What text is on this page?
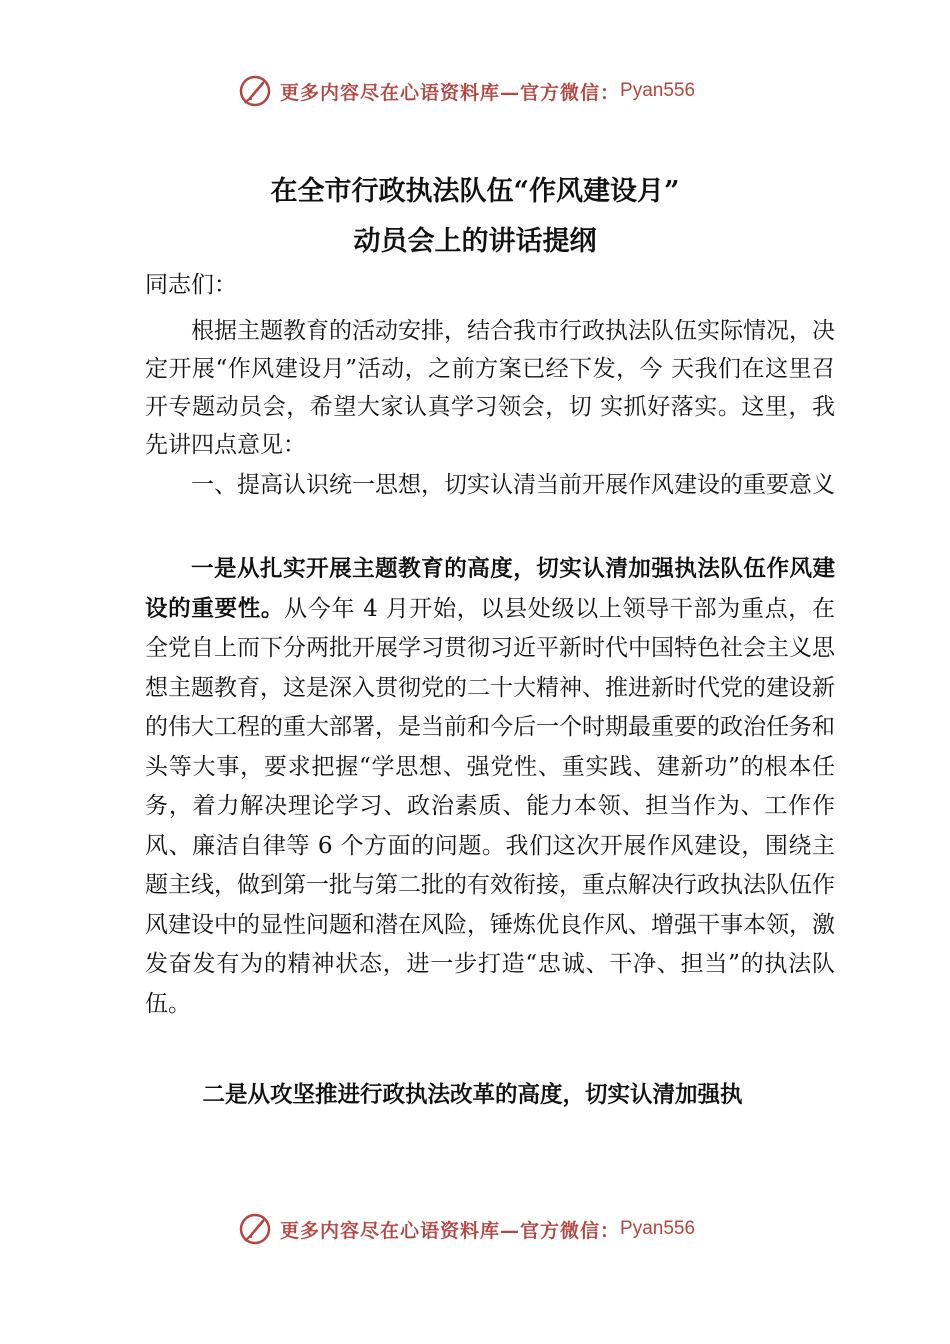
更多内容尽在心语资料库—官方微信： Pyan556
在全市行政执法队伍“作风建设月”
动员会上的讲话提纲
同志们：
根据主题教育的活动安排，结合我市行政执法队伍实际情况，决定开展“作风建设月”活动，之前方案已经下发，今 天我们在这里召开专题动员会，希望大家认真学习领会，切 实抓好落实。这里，我先讲四点意见：
一、提高认识统一思想，切实认清当前开展作风建设的重要意义
一是从扎实开展主题教育的高度，切实认清加强执法队伍作风建设的重要性。从今年 4 月开始，以县处级以上领导干部为重点，在全党自上而下分两批开展学习贯彻习近平新时代中国特色社会主义思想主题教育，这是深入贯彻党的二十大精神、推进新时代党的建设新的伟大工程的重大部署，是当前和今后一个时期最重要的政治任务和头等大事，要求把握“学思想、强党性、重实践、建新功”的根本任务，着力解决理论学习、政治素质、能力本领、担当作为、工作作风、廉洁自律等 6 个方面的问题。我们这次开展作风建设，围绕主题主线，做到第一批与第二批的有效衔接，重点解决行政执法队伍作风建设中的显性问题和潜在风险，锤炼优良作风、增强干事本领，激发奋发有为的精神状态，进一步打造“忠诚、干净、担当”的执法队伍。
二是从攻坚推进行政执法改革的高度，切实认清加强执
更多内容尽在心语资料库—官方微信： Pyan556
